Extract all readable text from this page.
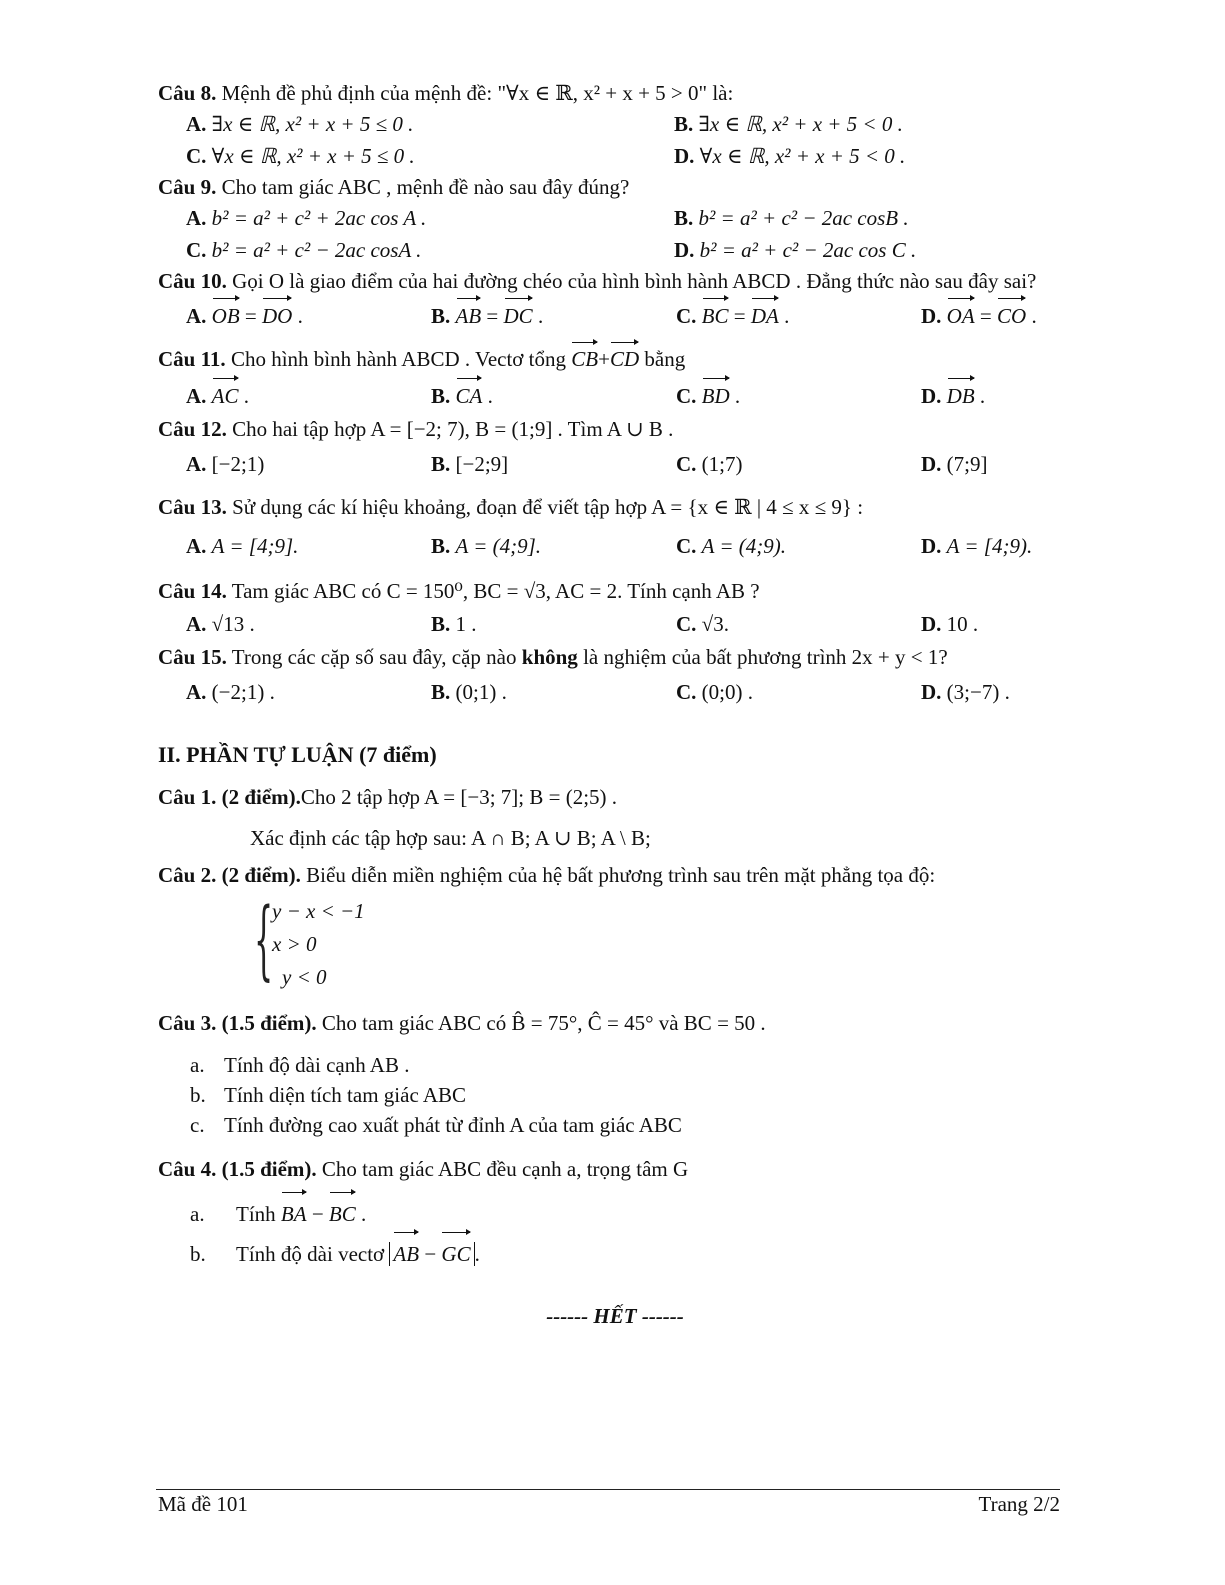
Câu 8. Mệnh đề phủ định của mệnh đề: "∀x ∈ ℝ, x² + x + 5 > 0" là:

A. ∃x ∈ ℝ, x² + x + 5 ≤ 0 .	B. ∃x ∈ ℝ, x² + x + 5 < 0 .
C. ∀x ∈ ℝ, x² + x + 5 ≤ 0 .	D. ∀x ∈ ℝ, x² + x + 5 < 0 .

Câu 9. Cho tam giác ABC , mệnh đề nào sau đây đúng?

A. b² = a² + c² + 2ac cos A .	B. b² = a² + c² − 2ac cosB .
C. b² = a² + c² − 2ac cosA .	D. b² = a² + c² − 2ac cos C .

Câu 10. Gọi O là giao điểm của hai đường chéo của hình bình hành ABCD . Đẳng thức nào sau đây sai?

A. OB = DO .	B. AB = DC .	C. BC = DA .	D. OA = CO .

Câu 11. Cho hình bình hành ABCD . Vectơ tổng CB+CD bằng

A. AC .	B. CA .	C. BD .	D. DB .

Câu 12. Cho hai tập hợp A = [−2; 7), B = (1;9] . Tìm A ∪ B .

A. [−2;1)	B. [−2;9]	C. (1;7)	D. (7;9]

Câu 13. Sử dụng các kí hiệu khoảng, đoạn để viết tập hợp A = {x ∈ ℝ | 4 ≤ x ≤ 9} :

A. A = [4;9].	B. A = (4;9].	C. A = (4;9).	D. A = [4;9).

Câu 14. Tam giác ABC có C = 150⁰, BC = √3, AC = 2. Tính cạnh AB ?

A. √13 .	B. 1 .	C. √3.	D. 10 .

Câu 15. Trong các cặp số sau đây, cặp nào không là nghiệm của bất phương trình 2x + y < 1?

A. (−2;1) .	B. (0;1) .	C. (0;0) .	D. (3;−7) .
II. PHẦN TỰ LUẬN (7 điểm)

Câu 1. (2 điểm).Cho 2 tập hợp A = [−3; 7]; B = (2;5) .

Xác định các tập hợp sau: A ∩ B; A ∪ B; A \ B;

Câu 2. (2 điểm). Biểu diễn miền nghiệm của hệ bất phương trình sau trên mặt phẳng tọa độ:

{
y − x < −1
x > 0
y < 0

Câu 3. (1.5 điểm). Cho tam giác ABC có B̂ = 75°, Ĉ = 45° và BC = 50 .

a. Tính độ dài cạnh AB .
b. Tính diện tích tam giác ABC
c. Tính đường cao xuất phát từ đỉnh A của tam giác ABC

Câu 4. (1.5 điểm). Cho tam giác ABC đều cạnh a, trọng tâm G

a.	Tính BA − BC .
b.	Tính độ dài vectơ AB − GC .
------ HẾT ------
Mã đề 101	Trang 2/2
